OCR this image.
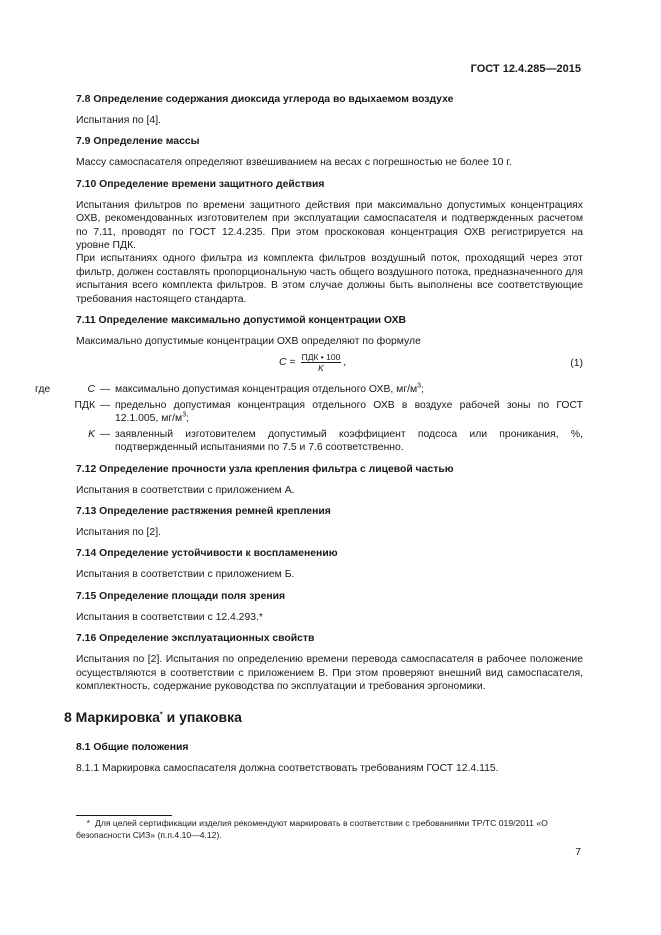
ГОСТ 12.4.285—2015
7.8 Определение содержания диоксида углерода во вдыхаемом воздухе

Испытания по [4].

7.9 Определение массы

Массу самоспасателя определяют взвешиванием на весах с погрешностью не более 10 г.

7.10 Определение времени защитного действия

Испытания фильтров по времени защитного действия при максимально допустимых концентрациях ОХВ, рекомендованных изготовителем при эксплуатации самоспасателя и подтвержденных расчетом по 7.11, проводят по ГОСТ 12.4.235. При этом проскоковая концентрация ОХВ регистрируется на уровне ПДК.

При испытаниях одного фильтра из комплекта фильтров воздушный поток, проходящий через этот фильтр, должен составлять пропорциональную часть общего воздушного потока, предназначенного для испытания всего комплекта фильтров. В этом случае должны быть выполнены все соответствующие требования настоящего стандарта.

7.11 Определение максимально допустимой концентрации ОХВ

Максимально допустимые концентрации ОХВ определяют по формуле

$C = \frac{\text{ПДК • 100}}{K}$ ,	(1)
где	C — максимально допустимая концентрация отдельного ОХВ, $мг/м^3$;
ПДК — предельно допустимая концентрация отдельного ОХВ в воздухе рабочей зоны по ГОСТ 12.1.005, $мг/м^3$;
K — заявленный изготовителем допустимый коэффициент подсоса или проникания, %, подтвержденный испытаниями по 7.5 и 7.6 соответственно.
7.12 Определение прочности узла крепления фильтра с лицевой частью

Испытания в соответствии с приложением А.

7.13 Определение растяжения ремней крепления

Испытания по [2].

7.14 Определение устойчивости к воспламенению

Испытания в соответствии с приложением Б.

7.15 Определение площади поля зрения

Испытания в соответствии с 12.4.293.*

7.16 Определение эксплуатационных свойств

Испытания по [2]. Испытания по определению времени перевода самоспасателя в рабочее положение осуществляются в соответствии с приложением В. При этом проверяют внешний вид самоспасателя, комплектность, содержание руководства по эксплуатации и требования эргономики.

8 Маркировка* и упаковка
8.1 Общие положения

8.1.1 Маркировка самоспасателя должна соответствовать требованиям ГОСТ 12.4.115.

* Для целей сертификации изделия рекомендуют маркировать в соответствии с требованиями ТР/ТС 019/2011 «О безопасности СИЗ» (п.п.4.10—4.12).
7
